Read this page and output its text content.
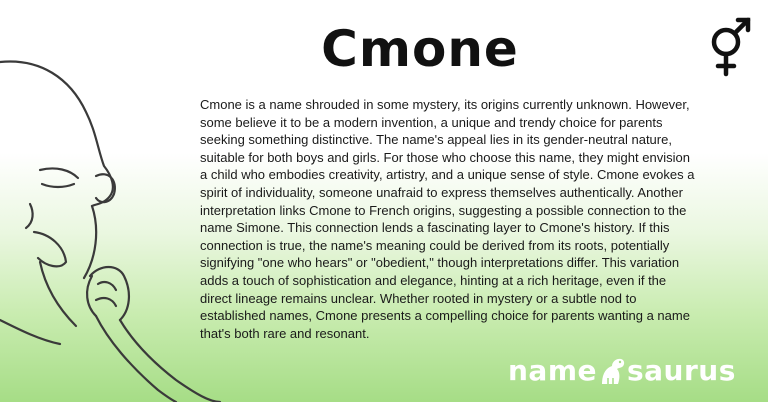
Cmone

Cmone is a name shrouded in some mystery, its origins currently unknown. However, some believe it to be a modern invention, a unique and trendy choice for parents seeking something distinctive. The name's appeal lies in its gender-neutral nature, suitable for both boys and girls. For those who choose this name, they might envision a child who embodies creativity, artistry, and a unique sense of style. Cmone evokes a spirit of individuality, someone unafraid to express themselves authentically. Another interpretation links Cmone to French origins, suggesting a possible connection to the name Simone. This connection lends a fascinating layer to Cmone's history. If this connection is true, the name's meaning could be derived from its roots, potentially signifying "one who hears" or "obedient," though interpretations differ. This variation adds a touch of sophistication and elegance, hinting at a rich heritage, even if the direct lineage remains unclear. Whether rooted in mystery or a subtle nod to established names, Cmone presents a compelling choice for parents wanting a name that's both rare and resonant.

name saurus
